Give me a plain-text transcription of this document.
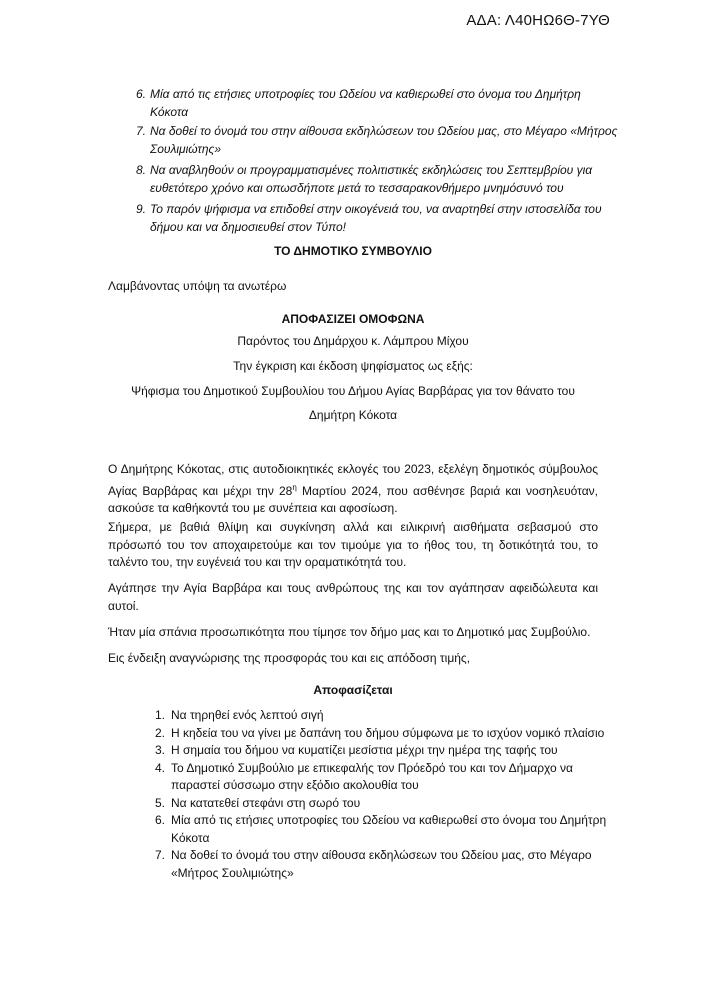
ΑΔΑ: Λ40ΗΩ6Θ-7ΥΘ
6. Μία από τις ετήσιες υποτροφίες του Ωδείου να καθιερωθεί στο όνομα του Δημήτρη Κόκοτα
7. Να δοθεί το όνομά του στην αίθουσα εκδηλώσεων του Ωδείου μας, στο Μέγαρο «Μήτρος Σουλιμιώτης»
8. Να αναβληθούν οι προγραμματισμένες πολιτιστικές εκδηλώσεις του Σεπτεμβρίου για ευθετότερο χρόνο και οπωσδήποτε μετά το τεσσαρακονθήμερο μνημόσυνό του
9. Το παρόν ψήφισμα να επιδοθεί στην οικογένειά του, να αναρτηθεί στην ιστοσελίδα του δήμου και να δημοσιευθεί στον Τύπο!
ΤΟ ΔΗΜΟΤΙΚΟ ΣΥΜΒΟΥΛΙΟ
Λαμβάνοντας υπόψη τα ανωτέρω
ΑΠΟΦΑΣΙΖΕΙ ΟΜΟΦΩΝΑ
Παρόντος του Δημάρχου κ. Λάμπρου Μίχου
Την έγκριση και έκδοση ψηφίσματος ως εξής:
Ψήφισμα του Δημοτικού Συμβουλίου του Δήμου Αγίας Βαρβάρας για τον θάνατο του
Δημήτρη Κόκοτα

Ο Δημήτρης Κόκοτας, στις αυτοδιοικητικές εκλογές του 2023, εξελέγη δημοτικός σύμβουλος Αγίας Βαρβάρας και μέχρι την $28^\eta$ Μαρτίου 2024, που ασθένησε βαριά και νοσηλευόταν, ασκούσε τα καθήκοντά του με συνέπεια και αφοσίωση.

Σήμερα, με βαθιά θλίψη και συγκίνηση αλλά και ειλικρινή αισθήματα σεβασμού στο πρόσωπό του τον αποχαιρετούμε και τον τιμούμε για το ήθος του, τη δοτικότητά του, το ταλέντο του, την ευγένειά του και την οραματικότητά του.

Αγάπησε την Αγία Βαρβάρα και τους ανθρώπους της και τον αγάπησαν αφειδώλευτα και αυτοί.

Ήταν μία σπάνια προσωπικότητα που τίμησε τον δήμο μας και το Δημοτικό μας Συμβούλιο.

Εις ένδειξη αναγνώρισης της προσφοράς του και εις απόδοση τιμής,

Αποφασίζεται
1. Να τηρηθεί ενός λεπτού σιγή
2. Η κηδεία του να γίνει με δαπάνη του δήμου σύμφωνα με το ισχύον νομικό πλαίσιο
3. Η σημαία του δήμου να κυματίζει μεσίστια μέχρι την ημέρα της ταφής του
4. Το Δημοτικό Συμβούλιο με επικεφαλής τον Πρόεδρό του και τον Δήμαρχο να παραστεί σύσσωμο στην εξόδιο ακολουθία του
5. Να κατατεθεί στεφάνι στη σωρό του
6. Μία από τις ετήσιες υποτροφίες του Ωδείου να καθιερωθεί στο όνομα του Δημήτρη Κόκοτα
7. Να δοθεί το όνομά του στην αίθουσα εκδηλώσεων του Ωδείου μας, στο Μέγαρο «Μήτρος Σουλιμιώτης»
